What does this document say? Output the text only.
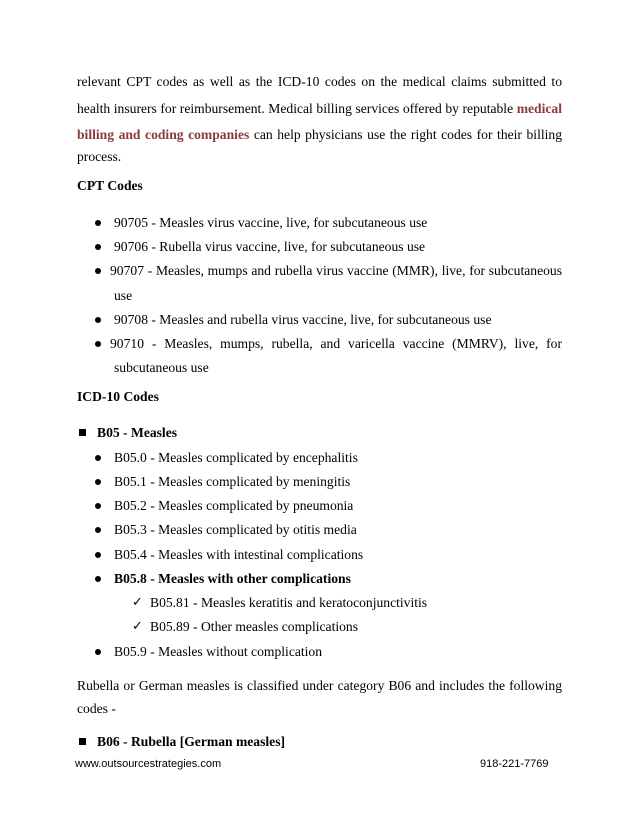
relevant CPT codes as well as the ICD-10 codes on the medical claims submitted to
health insurers for reimbursement. Medical billing services offered by reputable medical
billing and coding companies can help physicians use the right codes for their billing
process.
CPT Codes
90705 - Measles virus vaccine, live, for subcutaneous use
90706 - Rubella virus vaccine, live, for subcutaneous use
90707 - Measles, mumps and rubella virus vaccine (MMR), live, for subcutaneous
use
90708 - Measles and rubella virus vaccine, live, for subcutaneous use
90710 - Measles, mumps, rubella, and varicella vaccine (MMRV), live, for
subcutaneous use
ICD-10 Codes
B05 - Measles
B05.0 - Measles complicated by encephalitis
B05.1 - Measles complicated by meningitis
B05.2 - Measles complicated by pneumonia
B05.3 - Measles complicated by otitis media
B05.4 - Measles with intestinal complications
B05.8 - Measles with other complications
✓ B05.81 - Measles keratitis and keratoconjunctivitis
✓ B05.89 - Other measles complications
B05.9 - Measles without complication
Rubella or German measles is classified under category B06 and includes the following
codes -
B06 - Rubella [German measles]
www.outsourcestrategies.com	918-221-7769
